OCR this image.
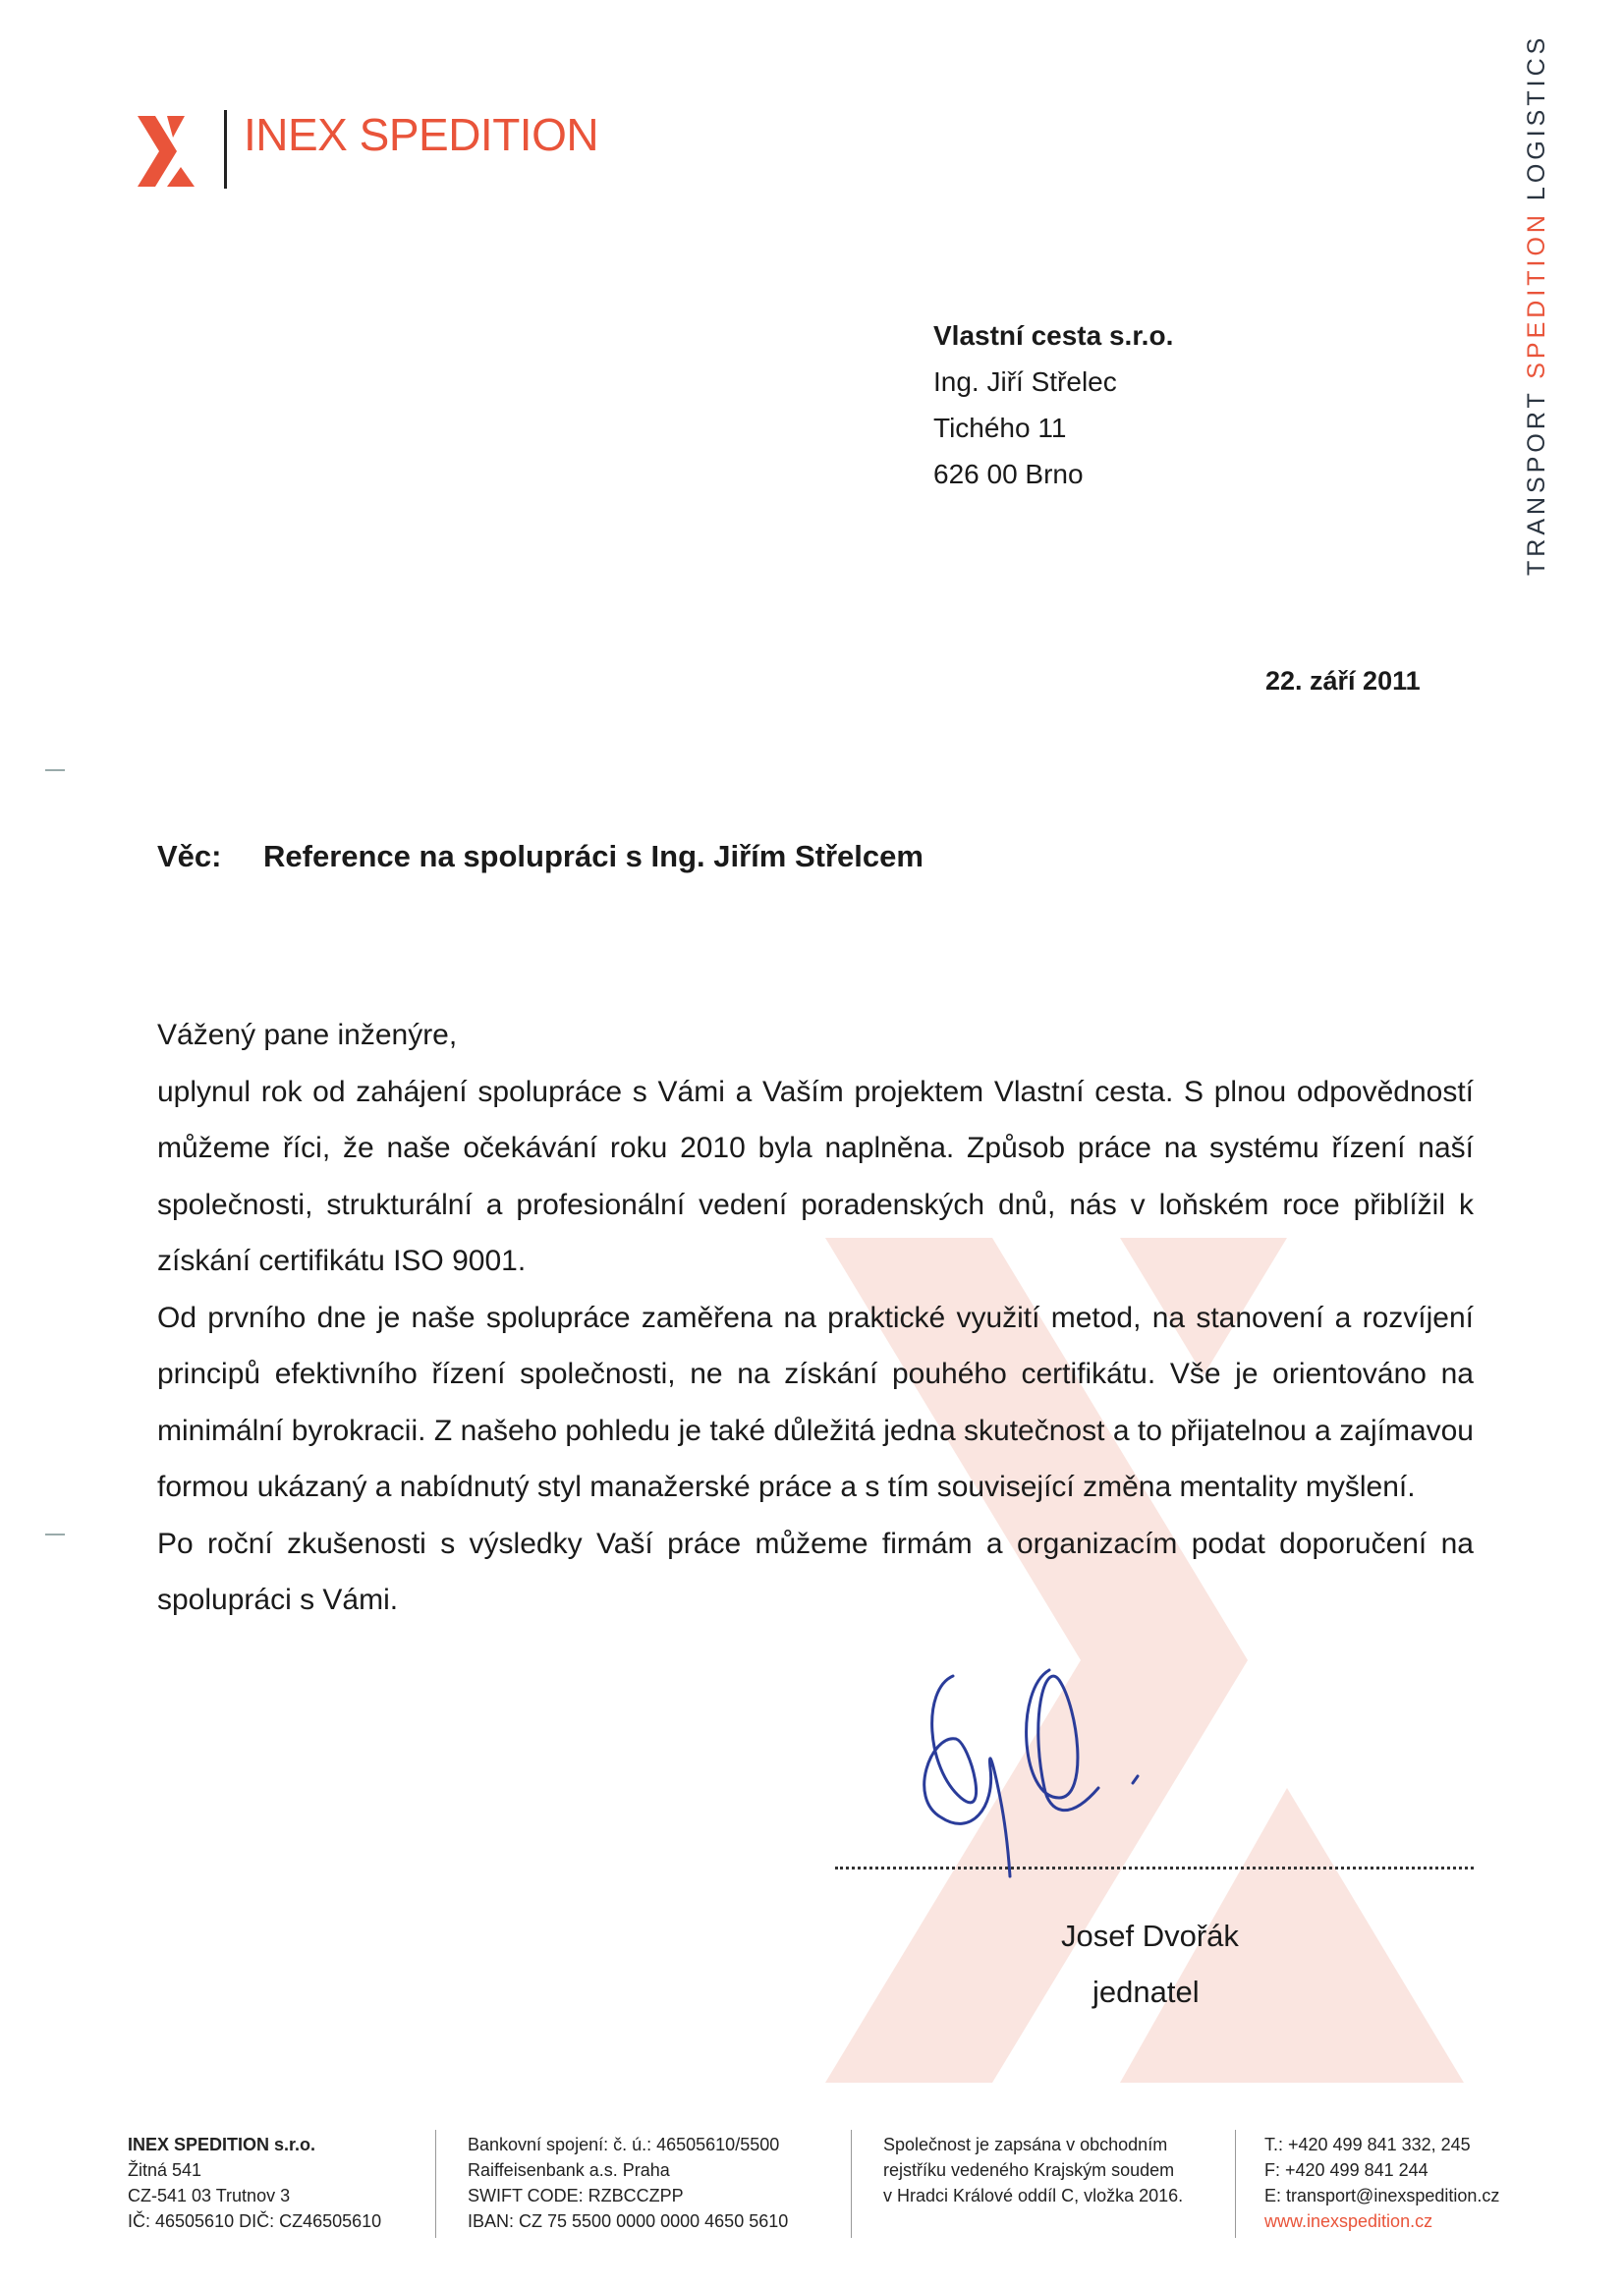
INEX SPEDITION
TRANSPORT SPEDITION LOGISTICS
Vlastní cesta s.r.o.
Ing. Jiří Střelec
Tichého 11
626 00 Brno
22. září 2011
Věc: Reference na spolupráci s Ing. Jiřím Střelcem

Vážený pane inženýre,

uplynul rok od zahájení spolupráce s Vámi a Vaším projektem Vlastní cesta. S plnou odpovědností můžeme říci, že naše očekávání roku 2010 byla naplněna. Způsob práce na systému řízení naší společnosti, strukturální a profesionální vedení poradenských dnů, nás v loňském roce přiblížil k získání certifikátu ISO 9001.

Od prvního dne je naše spolupráce zaměřena na praktické využití metod, na stanovení a rozvíjení principů efektivního řízení společnosti, ne na získání pouhého certifikátu. Vše je orientováno na minimální byrokracii. Z našeho pohledu je také důležitá jedna skutečnost a to přijatelnou a zajímavou formou ukázaný a nabídnutý styl manažerské práce a s tím související změna mentality myšlení.

Po roční zkušenosti s výsledky Vaší práce můžeme firmám a organizacím podat doporučení na spolupráci s Vámi.

Josef Dvořák
jednatel
INEX SPEDITION s.r.o.
Žitná 541
CZ-541 03 Trutnov 3
IČ: 46505610 DIČ: CZ46505610
Bankovní spojení: č. ú.: 46505610/5500
Raiffeisenbank a.s. Praha
SWIFT CODE: RZBCCZPP
IBAN: CZ 75 5500 0000 0000 4650 5610
Společnost je zapsána v obchodním
rejstříku vedeného Krajským soudem
v Hradci Králové oddíl C, vložka 2016.
T.: +420 499 841 332, 245
F: +420 499 841 244
E: transport@inexspedition.cz
www.inexspedition.cz
